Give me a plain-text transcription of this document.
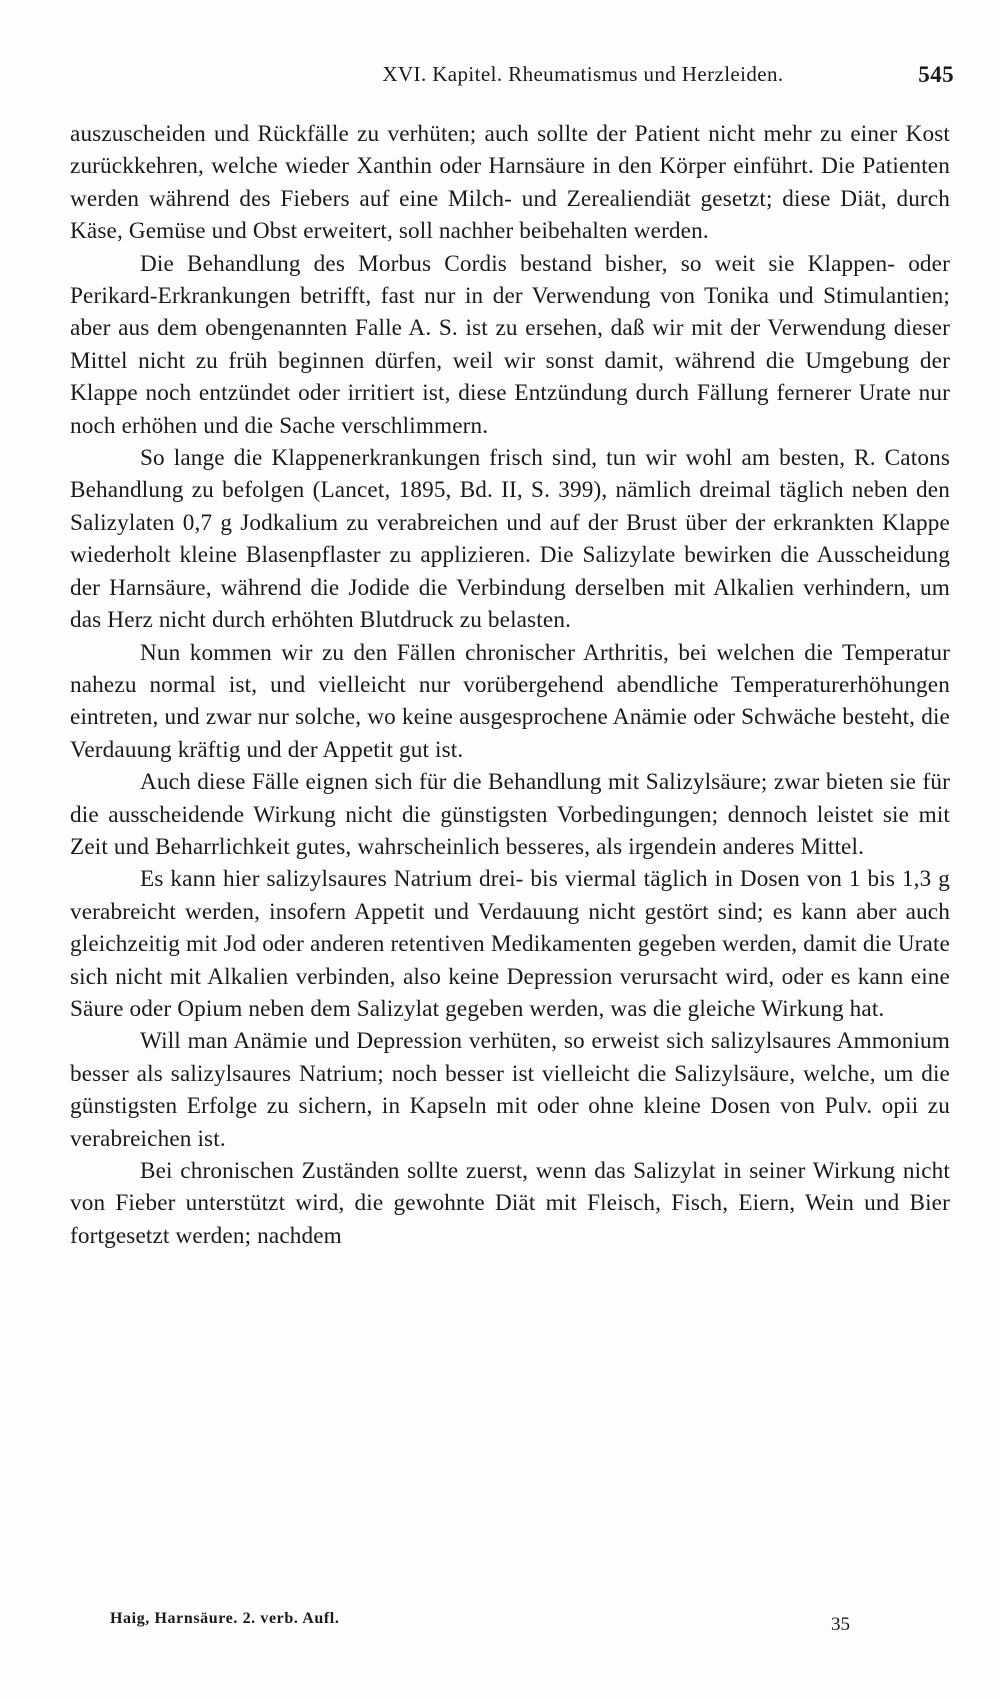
XVI. Kapitel. Rheumatismus und Herzleiden.	545

auszuscheiden und Rückfälle zu verhüten; auch sollte der Patient nicht mehr zu einer Kost zurückkehren, welche wieder Xanthin oder Harnsäure in den Körper einführt. Die Patienten werden während des Fiebers auf eine Milch- und Zerealiendiät gesetzt; diese Diät, durch Käse, Gemüse und Obst erweitert, soll nachher beibehalten werden.

Die Behandlung des Morbus Cordis bestand bisher, so weit sie Klappen- oder Perikard-Erkrankungen betrifft, fast nur in der Verwendung von Tonika und Stimulantien; aber aus dem obengenannten Falle A. S. ist zu ersehen, daß wir mit der Verwendung dieser Mittel nicht zu früh beginnen dürfen, weil wir sonst damit, während die Umgebung der Klappe noch entzündet oder irritiert ist, diese Entzündung durch Fällung fernerer Urate nur noch erhöhen und die Sache verschlimmern.

So lange die Klappenerkrankungen frisch sind, tun wir wohl am besten, R. Catons Behandlung zu befolgen (Lancet, 1895, Bd. II, S. 399), nämlich dreimal täglich neben den Salizylaten 0,7 g Jodkalium zu verabreichen und auf der Brust über der erkrankten Klappe wiederholt kleine Blasenpflaster zu applizieren. Die Salizylate bewirken die Ausscheidung der Harnsäure, während die Jodide die Verbindung derselben mit Alkalien verhindern, um das Herz nicht durch erhöhten Blutdruck zu belasten.

Nun kommen wir zu den Fällen chronischer Arthritis, bei welchen die Temperatur nahezu normal ist, und vielleicht nur vorübergehend abendliche Temperaturerhöhungen eintreten, und zwar nur solche, wo keine ausgesprochene Anämie oder Schwäche besteht, die Verdauung kräftig und der Appetit gut ist.

Auch diese Fälle eignen sich für die Behandlung mit Salizylsäure; zwar bieten sie für die ausscheidende Wirkung nicht die günstigsten Vorbedingungen; dennoch leistet sie mit Zeit und Beharrlichkeit gutes, wahrscheinlich besseres, als irgendein anderes Mittel.

Es kann hier salizylsaures Natrium drei- bis viermal täglich in Dosen von 1 bis 1,3 g verabreicht werden, insofern Appetit und Verdauung nicht gestört sind; es kann aber auch gleichzeitig mit Jod oder anderen retentiven Medikamenten gegeben werden, damit die Urate sich nicht mit Alkalien verbinden, also keine Depression verursacht wird, oder es kann eine Säure oder Opium neben dem Salizylat gegeben werden, was die gleiche Wirkung hat.

Will man Anämie und Depression verhüten, so erweist sich salizylsaures Ammonium besser als salizylsaures Natrium; noch besser ist vielleicht die Salizylsäure, welche, um die günstigsten Erfolge zu sichern, in Kapseln mit oder ohne kleine Dosen von Pulv. opii zu verabreichen ist.

Bei chronischen Zuständen sollte zuerst, wenn das Salizylat in seiner Wirkung nicht von Fieber unterstützt wird, die gewohnte Diät mit Fleisch, Fisch, Eiern, Wein und Bier fortgesetzt werden; nachdem

Haig, Harnsäure. 2. verb. Aufl.	35
